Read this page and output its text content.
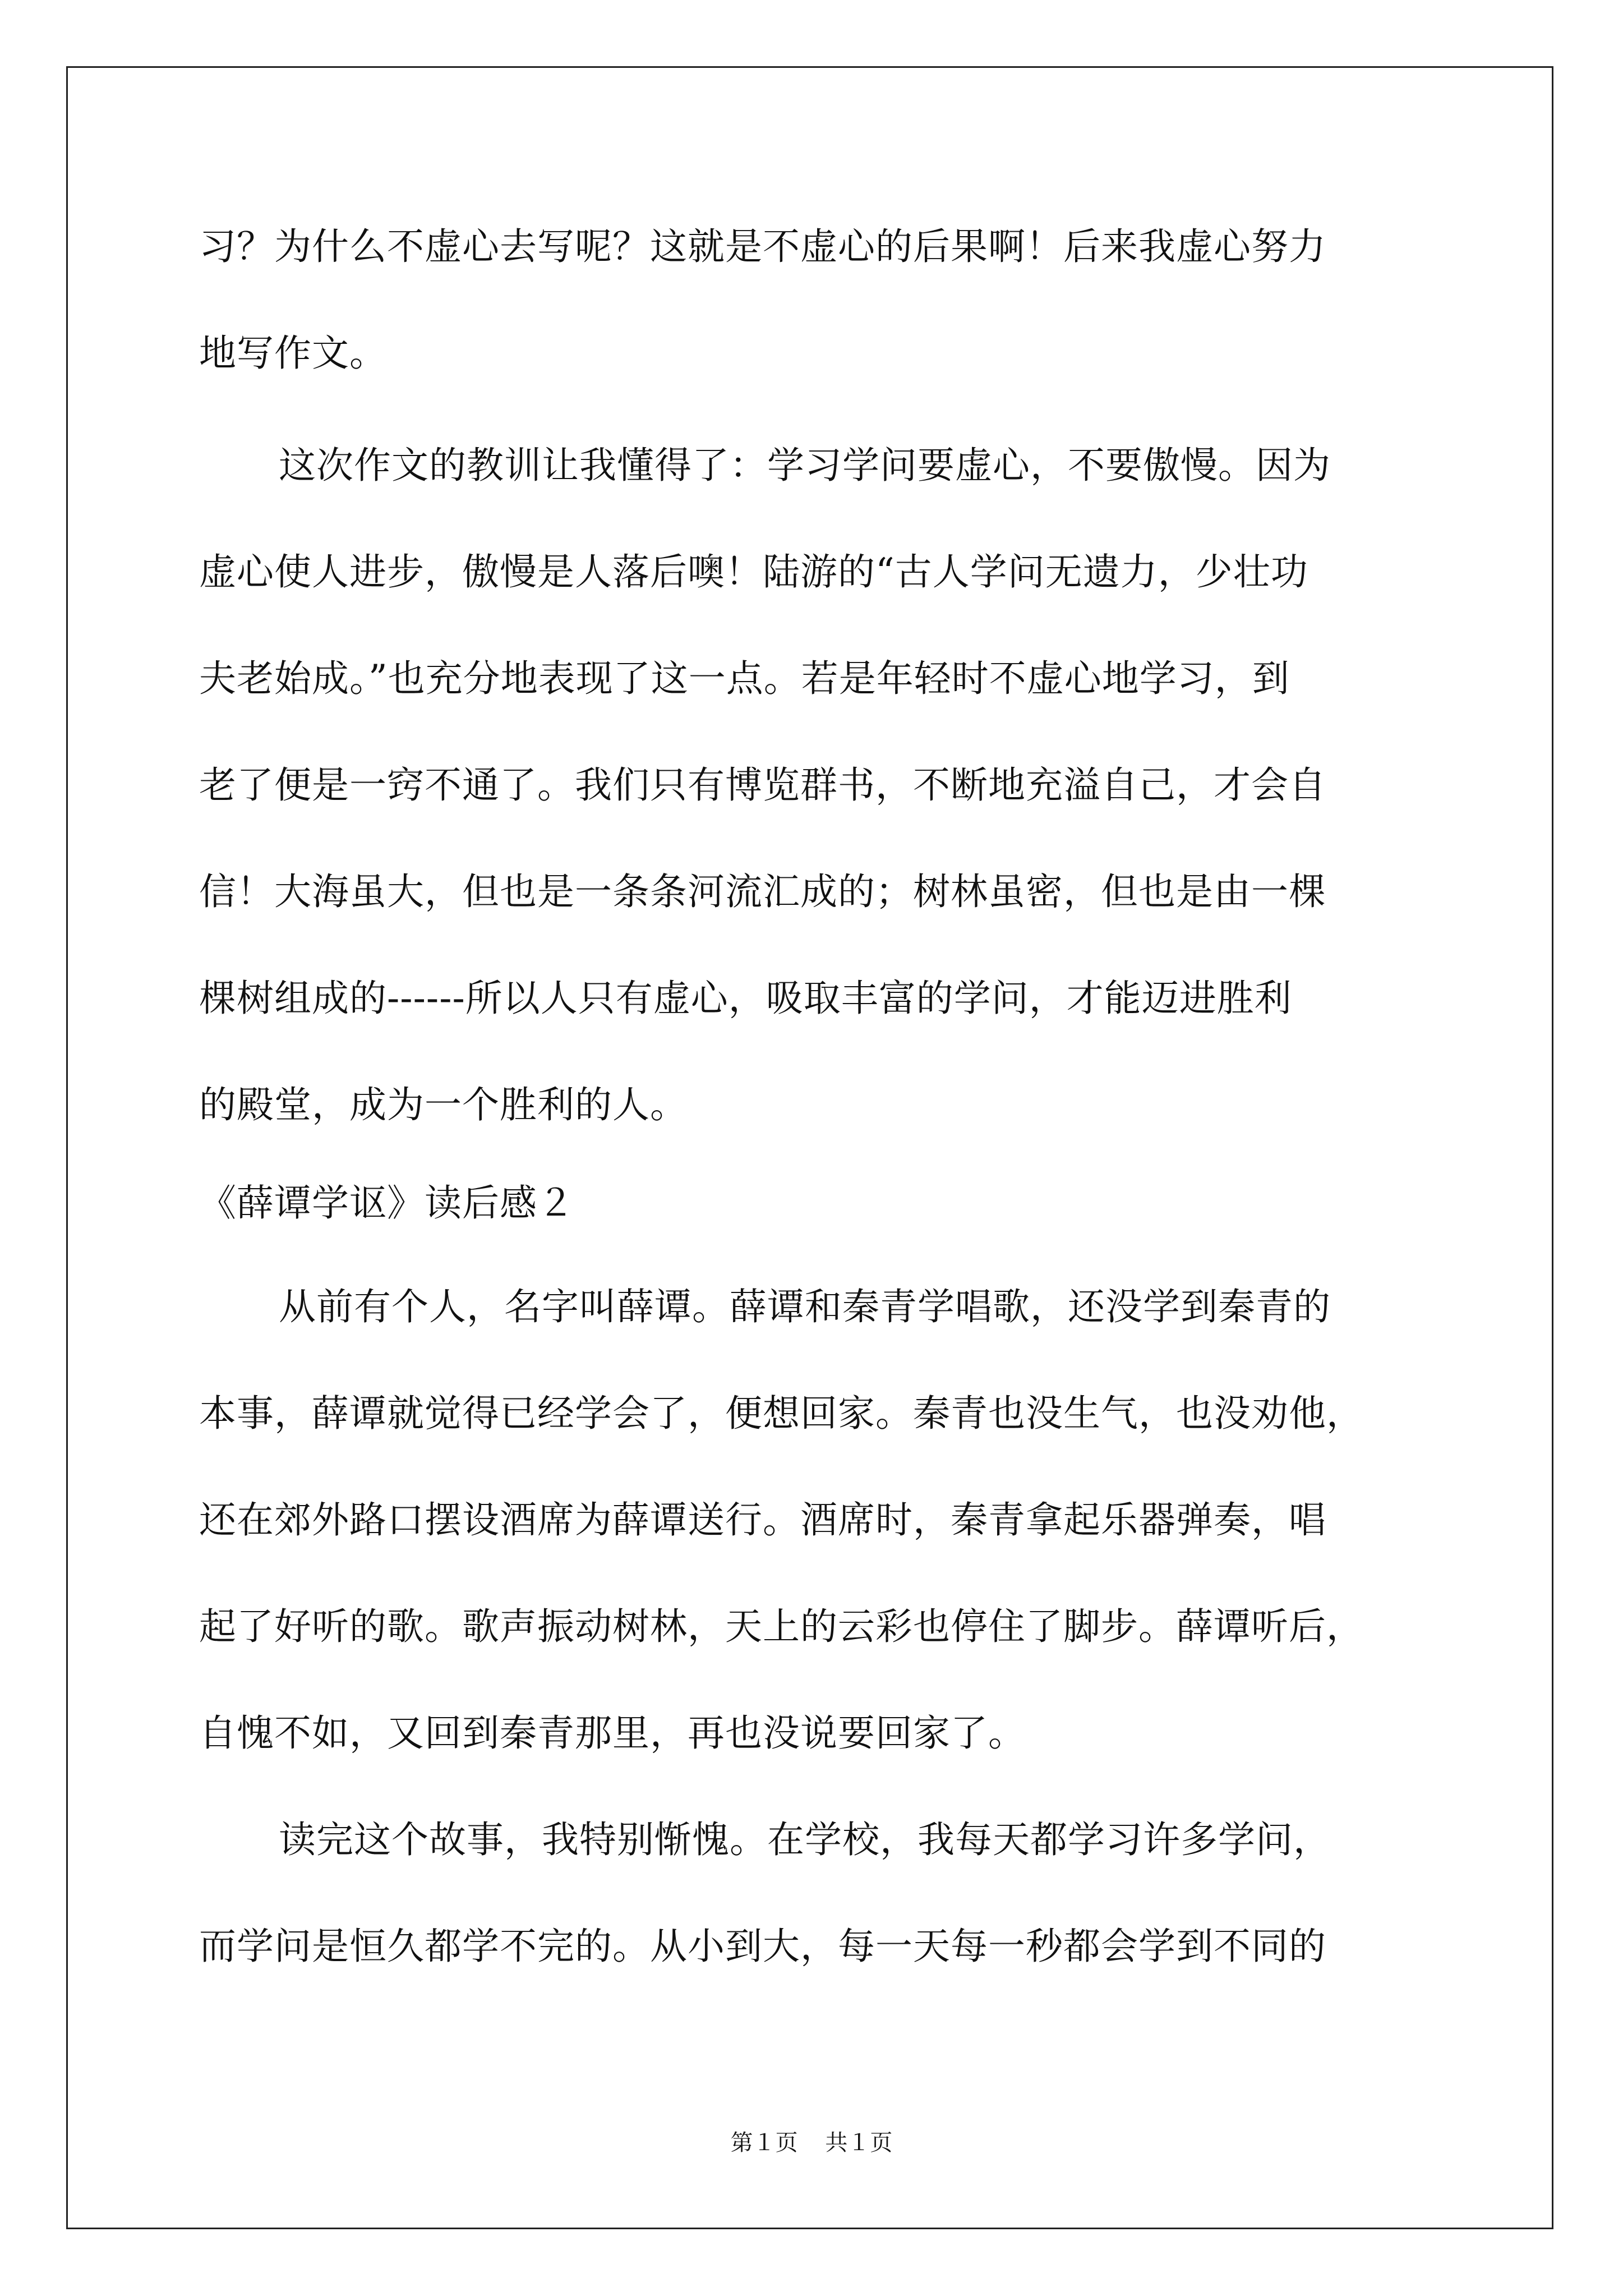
习？为什么不虚心去写呢？这就是不虚心的后果啊！后来我虚心努力
地写作文。
这次作文的教训让我懂得了：学习学问要虚心，不要傲慢。因为
虚心使人进步，傲慢是人落后噢！陆游的“古人学问无遗力，少壮功
夫老始成。”也充分地表现了这一点。若是年轻时不虚心地学习，到
老了便是一窍不通了。我们只有博览群书，不断地充溢自己，才会自
信！大海虽大，但也是一条条河流汇成的；树林虽密，但也是由一棵
棵树组成的------所以人只有虚心，吸取丰富的学问，才能迈进胜利
的殿堂，成为一个胜利的人。
《薛谭学讴》读后感２
从前有个人，名字叫薛谭。薛谭和秦青学唱歌，还没学到秦青的
本事，薛谭就觉得已经学会了，便想回家。秦青也没生气，也没劝他，
还在郊外路口摆设酒席为薛谭送行。酒席时，秦青拿起乐器弹奏，唱
起了好听的歌。歌声振动树林，天上的云彩也停住了脚步。薛谭听后，
自愧不如，又回到秦青那里，再也没说要回家了。
读完这个故事，我特别惭愧。在学校，我每天都学习许多学问，
而学问是恒久都学不完的。从小到大，每一天每一秒都会学到不同的
第１页 共１页
